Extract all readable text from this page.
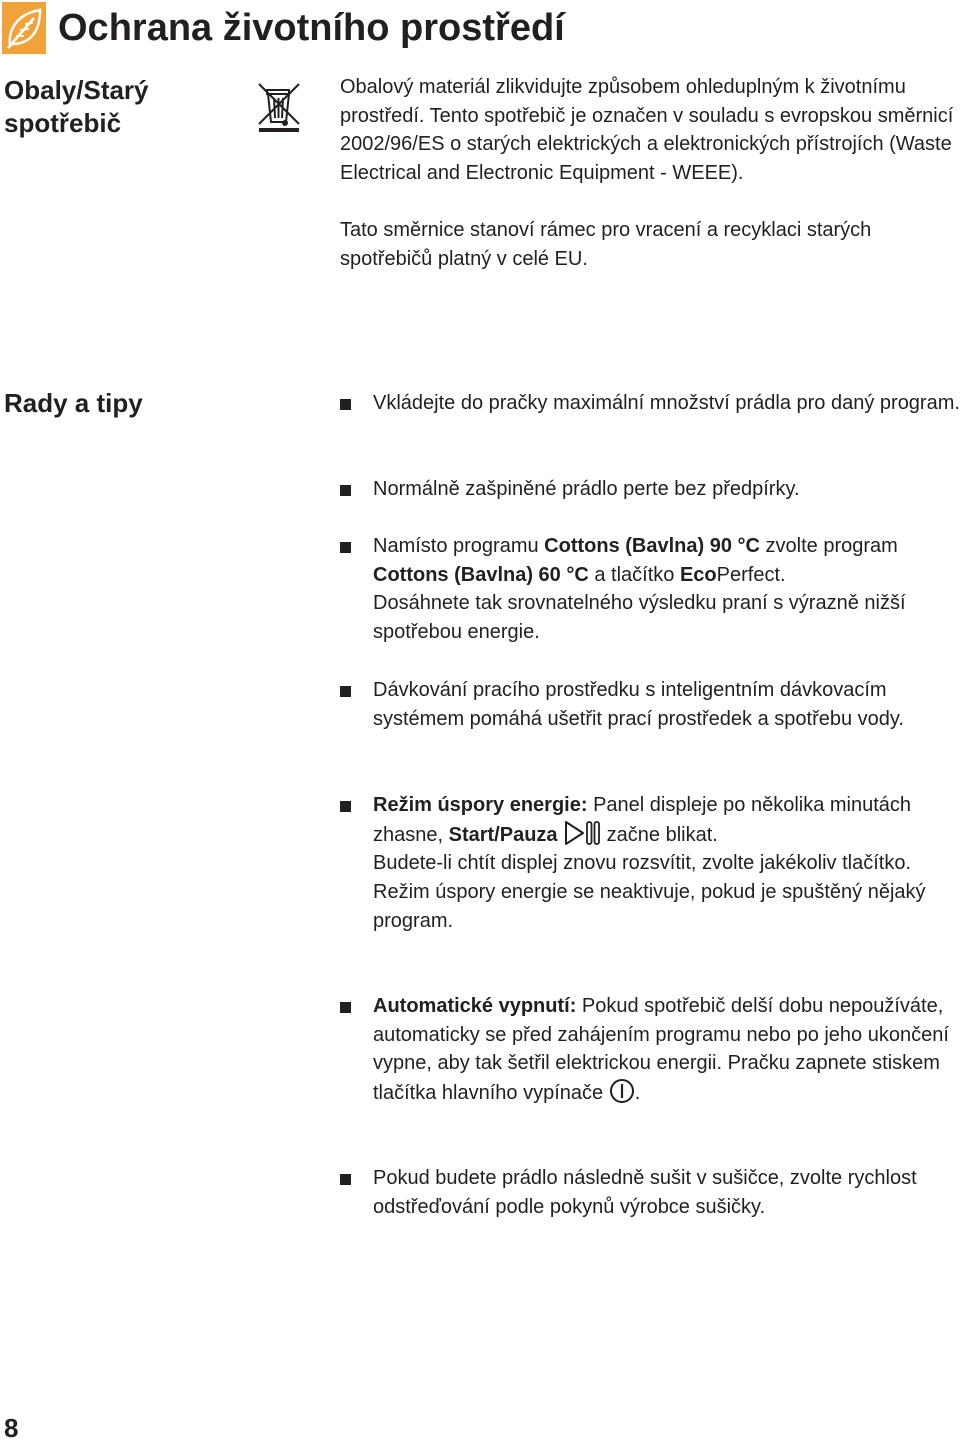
Ochrana životního prostředí
Obaly/Starý spotřebič
Obalový materiál zlikvidujte způsobem ohleduplným k životnímu prostředí. Tento spotřebič je označen v souladu s evropskou směrnicí 2002/96/ES o starých elektrických a elektronických přístrojích (Waste Electrical and Electronic Equipment - WEEE).
Tato směrnice stanoví rámec pro vracení a recyklaci starých spotřebičů platný v celé EU.
Rady a tipy	Vkládejte do pračky maximální množství prádla pro daný program.
Normálně zašpiněné prádlo perte bez předpírky.
Namísto programu Cottons (Bavlna) 90 °C zvolte program Cottons (Bavlna) 60 °C a tlačítko EcoPerfect.
Dosáhnete tak srovnatelného výsledku praní s výrazně nižší spotřebou energie.
Dávkování pracího prostředku s inteligentním dávkovacím systémem pomáhá ušetřit prací prostředek a spotřebu vody.
Režim úspory energie: Panel displeje po několika minutách zhasne, Start/Pauza  začne blikat.
Budete-li chtít displej znovu rozsvítit, zvolte jakékoliv tlačítko.
Režim úspory energie se neaktivuje, pokud je spuštěný nějaký program.
Automatické vypnutí: Pokud spotřebič delší dobu nepoužíváte, automaticky se před zahájením programu nebo po jeho ukončení vypne, aby tak šetřil elektrickou energii. Pračku zapnete stiskem tlačítka hlavního vypínače .
Pokud budete prádlo následně sušit v sušičce, zvolte rychlost odstřeďování podle pokynů výrobce sušičky.
8
